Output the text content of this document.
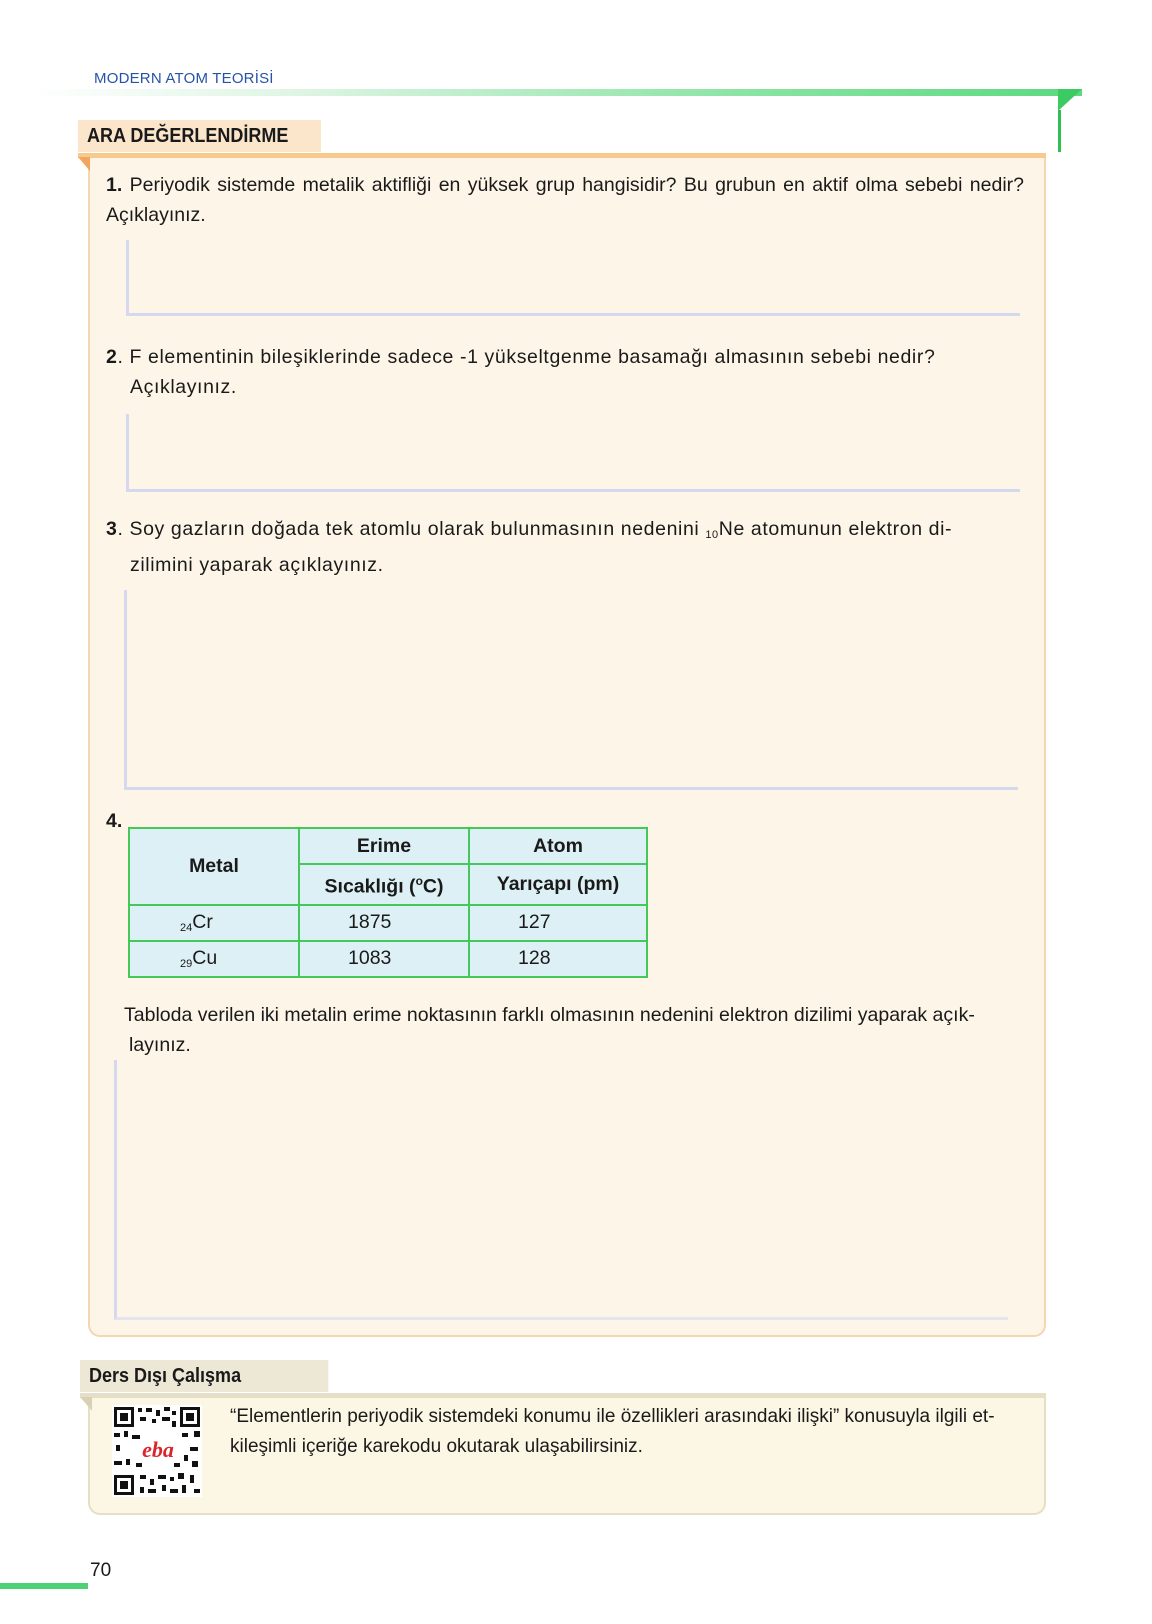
MODERN ATOM TEORİSİ
ARA DEĞERLENDİRME
1. Periyodik sistemde metalik aktifliği en yüksek grup hangisidir? Bu grubun en aktif olma sebebi nedir? Açıklayınız.
2. F elementinin bileşiklerinde sadece -1 yükseltgenme basamağı almasının sebebi nedir?
Açıklayınız.
3. Soy gazların doğada tek atomlu olarak bulunmasının nedenini $_{10}$Ne atomunun elektron di-
zilimini yaparak açıklayınız.
4.
Metal	Erime	Atom
	Sıcaklığı ($^o$C)	Yarıçapı (pm)
$_{24}$Cr	1875	127
$_{29}$Cu	1083	128
Tabloda verilen iki metalin erime noktasının farklı olmasının nedenini elektron dizilimi yaparak açık-
layınız.
Ders Dışı Çalışma
eba
“Elementlerin periyodik sistemdeki konumu ile özellikleri arasındaki ilişki” konusuyla ilgili et-
kileşimli içeriğe karekodu okutarak ulaşabilirsiniz.
70
